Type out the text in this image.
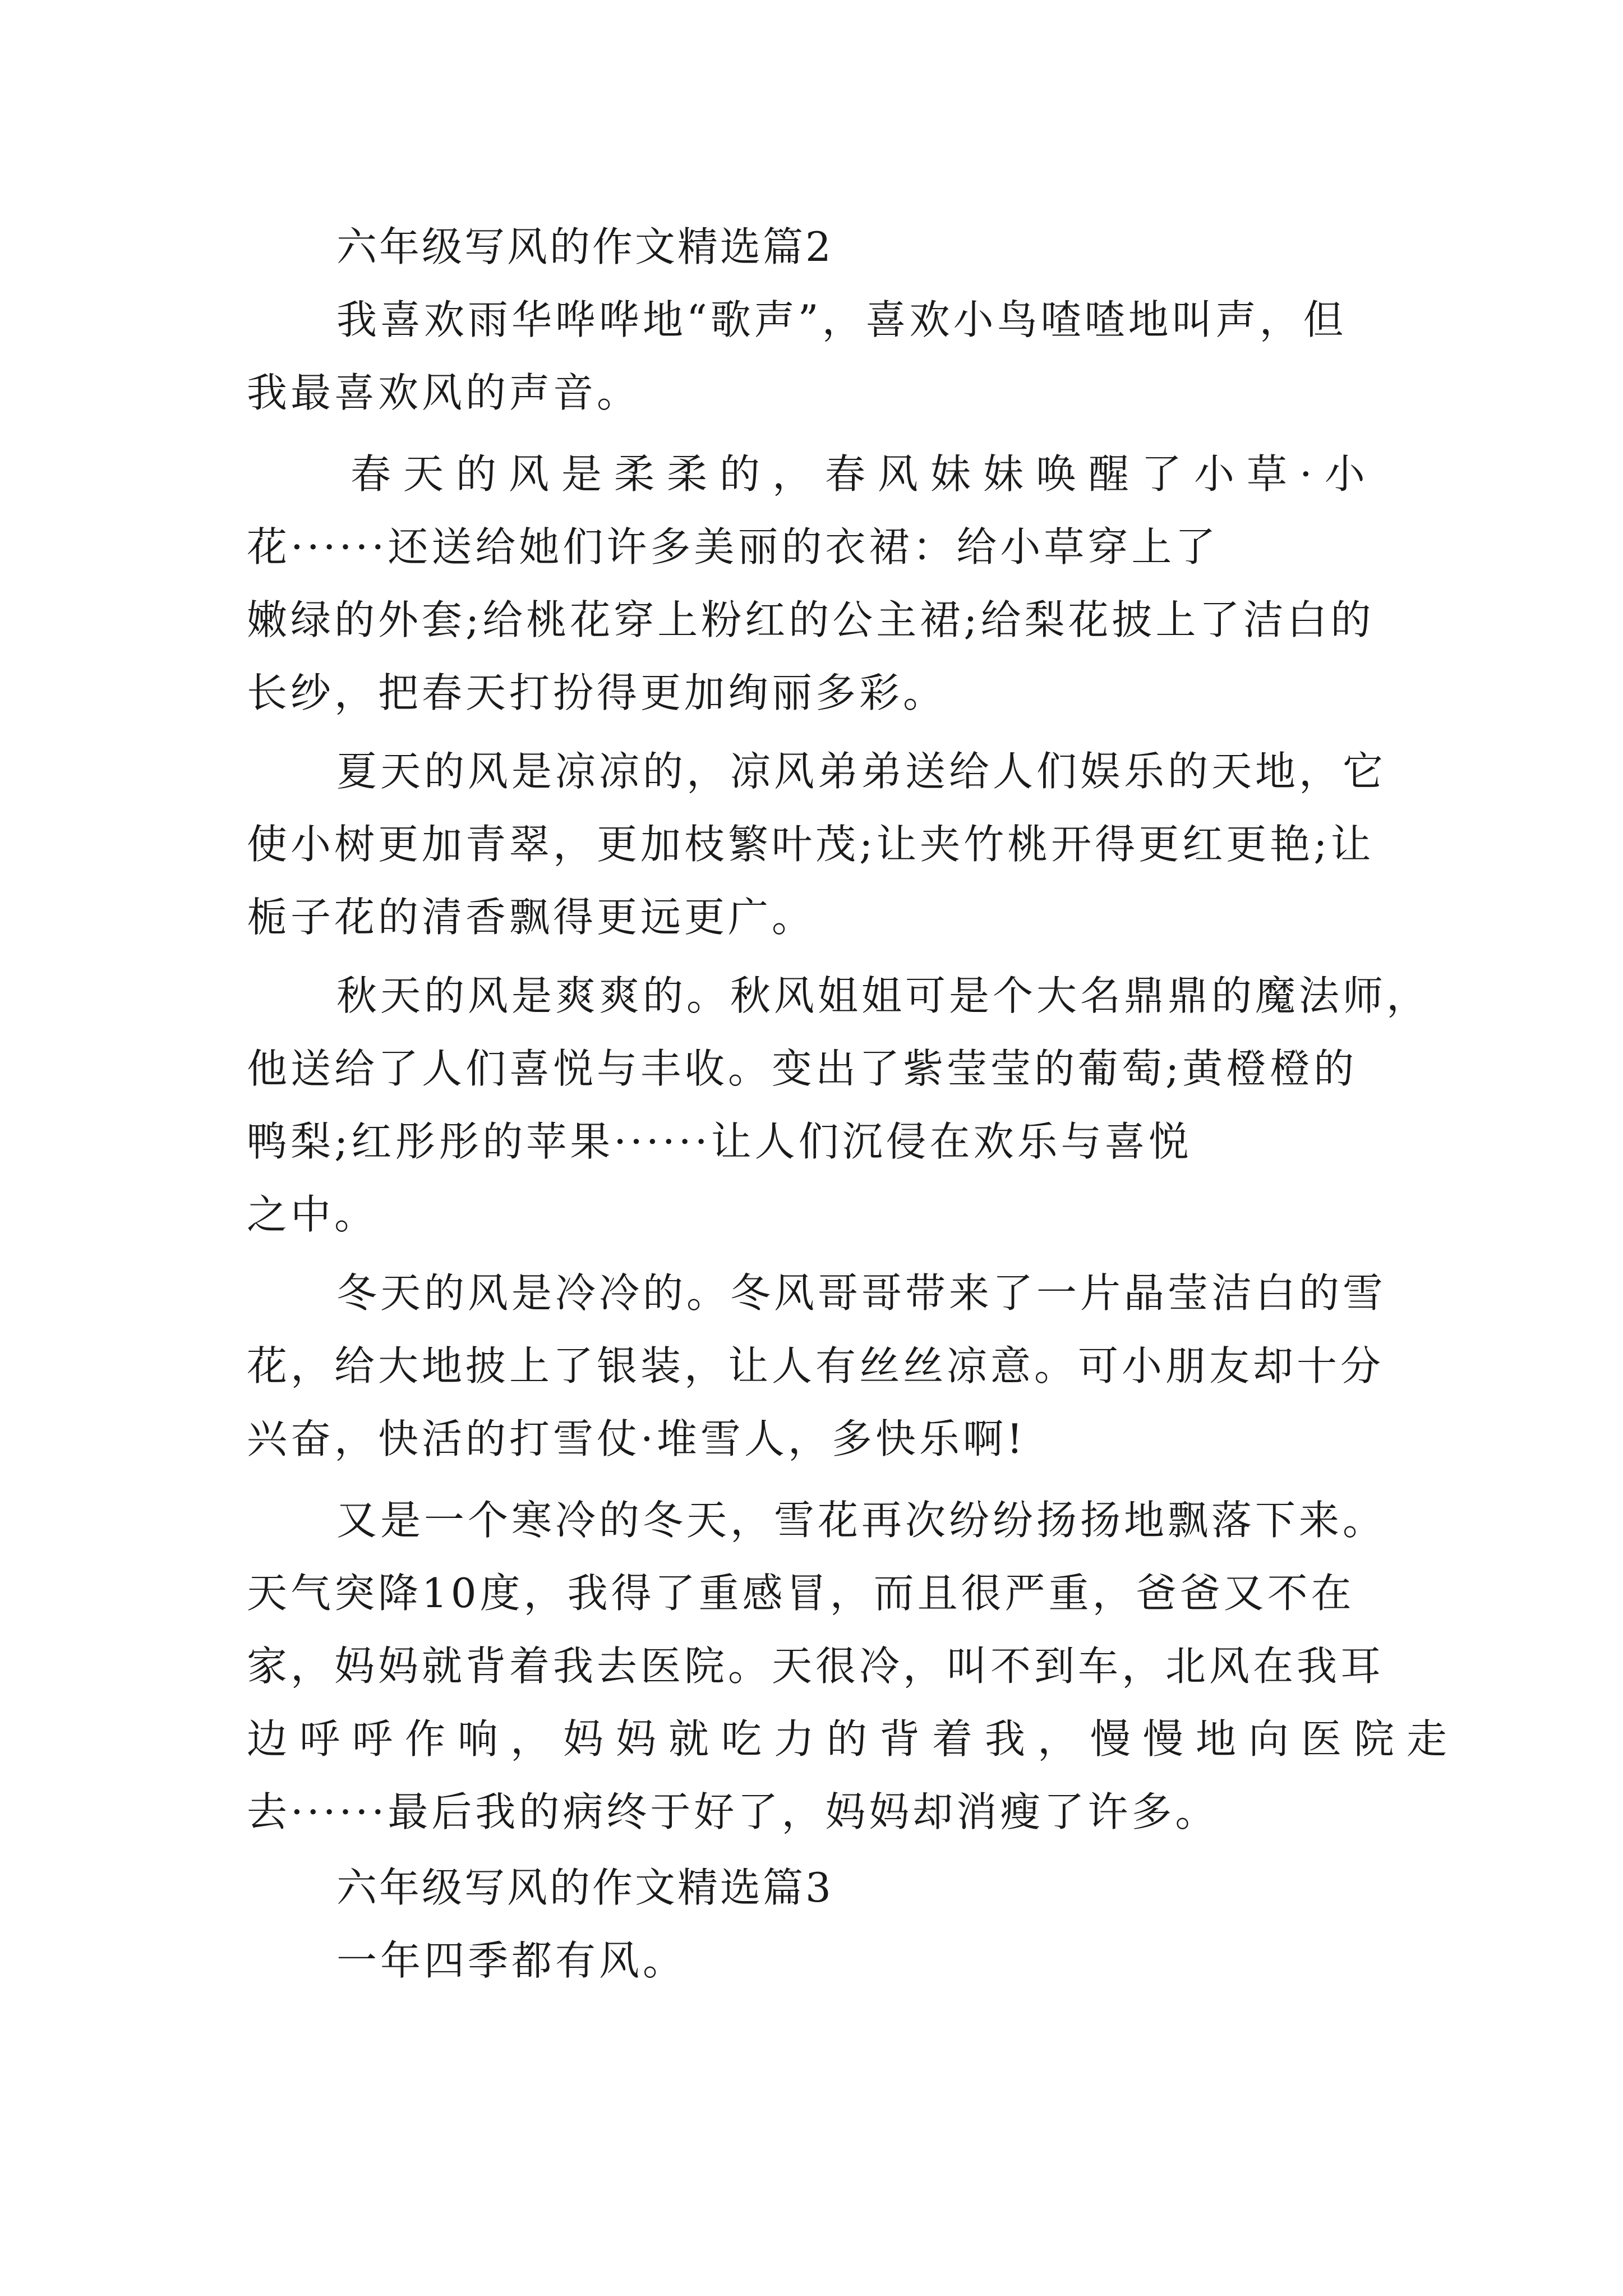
六年级写风的作文精选篇2
我喜欢雨华哗哗地“歌声”，喜欢小鸟喳喳地叫声，但
我最喜欢风的声音。
春天的风是柔柔的，春风妹妹唤醒了小草·小
花······还送给她们许多美丽的衣裙：给小草穿上了
嫩绿的外套;给桃花穿上粉红的公主裙;给梨花披上了洁白的
长纱，把春天打扮得更加绚丽多彩。
夏天的风是凉凉的，凉风弟弟送给人们娱乐的天地，它
使小树更加青翠，更加枝繁叶茂;让夹竹桃开得更红更艳;让
栀子花的清香飘得更远更广。
秋天的风是爽爽的。秋风姐姐可是个大名鼎鼎的魔法师，
他送给了人们喜悦与丰收。变出了紫莹莹的葡萄;黄橙橙的
鸭梨;红彤彤的苹果······让人们沉侵在欢乐与喜悦
之中。
冬天的风是冷冷的。冬风哥哥带来了一片晶莹洁白的雪
花，给大地披上了银装，让人有丝丝凉意。可小朋友却十分
兴奋，快活的打雪仗·堆雪人，多快乐啊!
又是一个寒冷的冬天，雪花再次纷纷扬扬地飘落下来。
天气突降10度，我得了重感冒，而且很严重，爸爸又不在
家，妈妈就背着我去医院。天很冷，叫不到车，北风在我耳
边呼呼作响，妈妈就吃力的背着我，慢慢地向医院走
去······最后我的病终于好了，妈妈却消瘦了许多。
六年级写风的作文精选篇3
一年四季都有风。
